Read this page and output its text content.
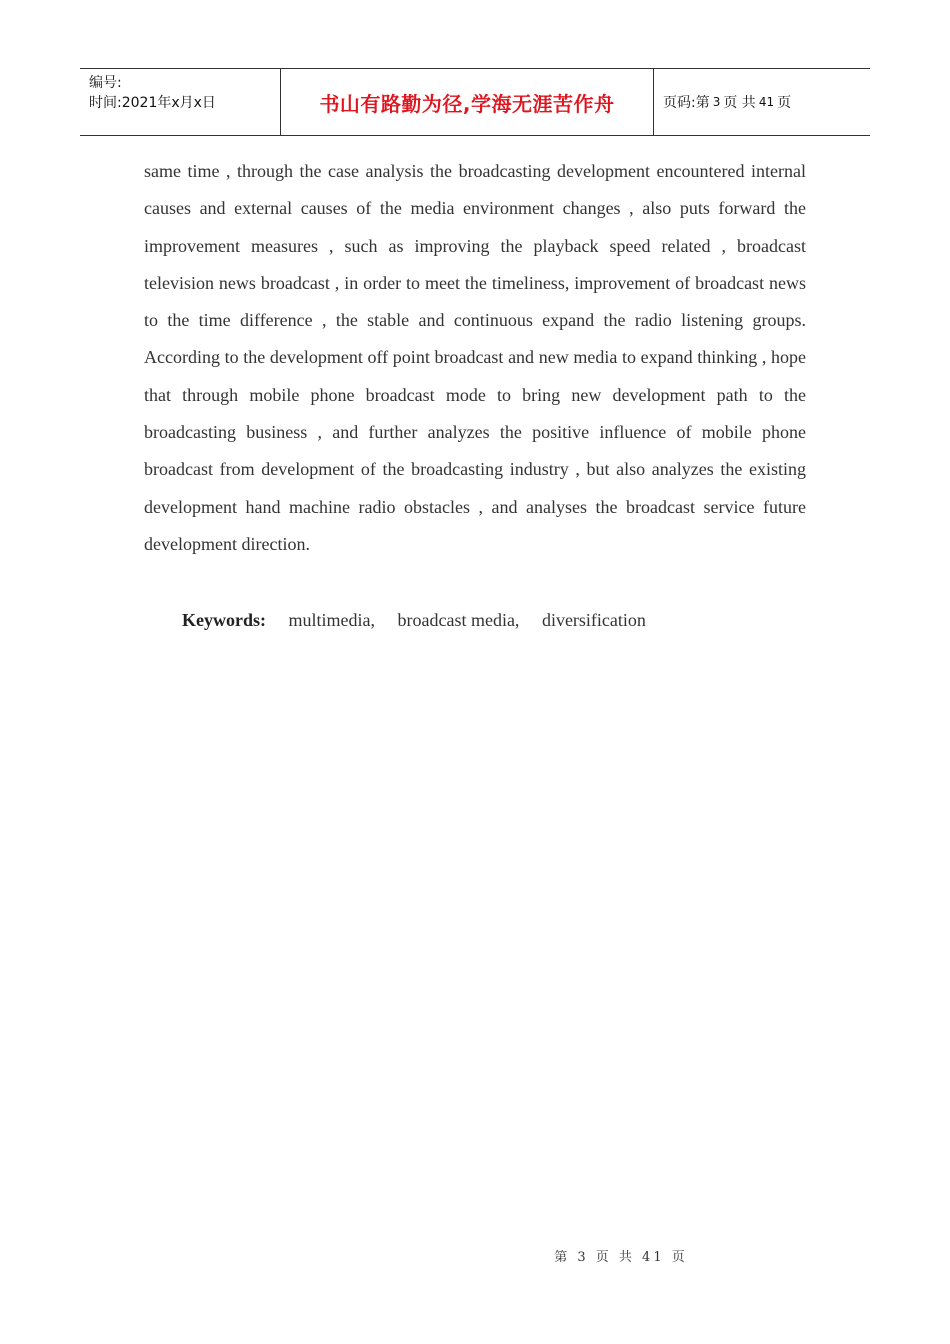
编号:
时间:2021年x月x日	书山有路勤为径,学海无涯苦作舟	页码:第 3 页 共 41 页

same time , through the case analysis the broadcasting development encountered internal causes and external causes of the media environment changes , also puts forward the improvement measures , such as improving the playback speed related , broadcast television news broadcast , in order to meet the timeliness, improvement of broadcast news to the time difference , the stable and continuous expand the radio listening groups. According to the development off point broadcast and new media to expand thinking , hope that through mobile phone broadcast mode to bring new development path to the broadcasting business , and further analyzes the positive influence of mobile phone broadcast from development of the broadcasting industry , but also analyzes the existing development hand machine radio obstacles , and analyses the broadcast service future development direction.

Keywords: multimedia, broadcast media, diversification
第 3 页 共 41 页
